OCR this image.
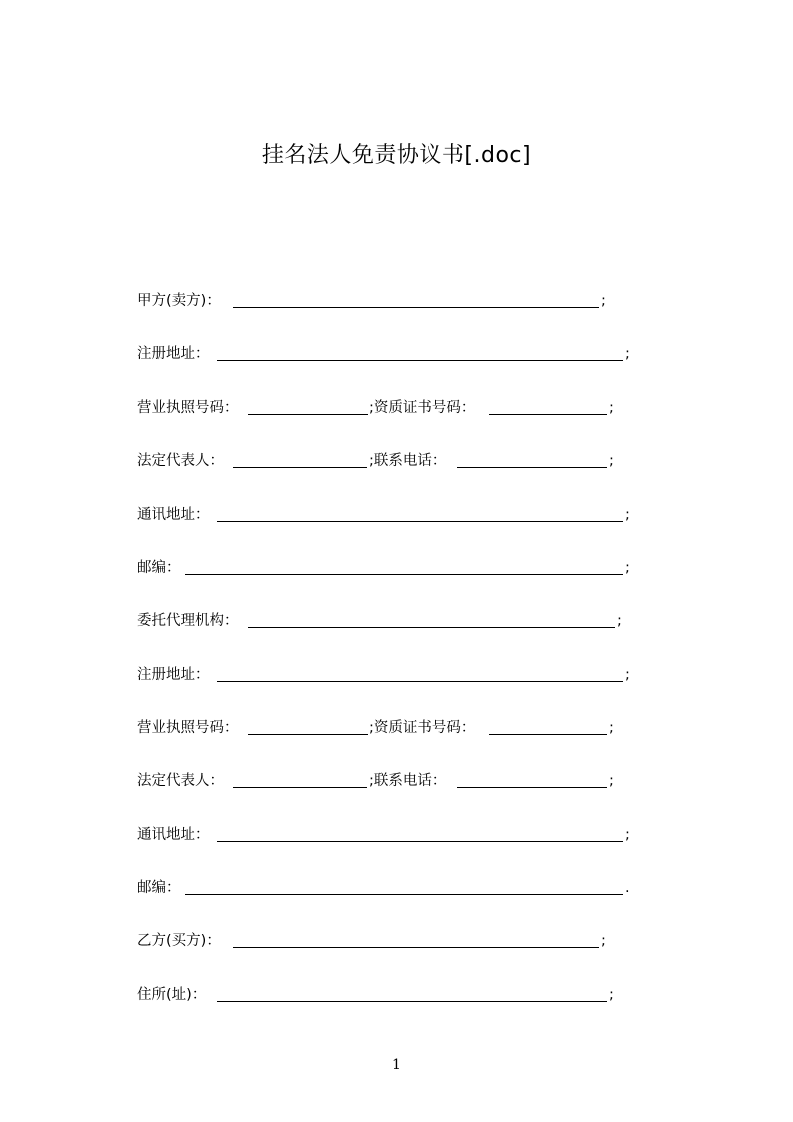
挂名法人免责协议书[.doc]
甲方(卖方)：	;
注册地址：	;
营业执照号码：	;资质证书号码：	;
法定代表人：	;联系电话：	;
通讯地址：	;
邮编：	;
委托代理机构：	;
注册地址：	;
营业执照号码：	;资质证书号码：	;
法定代表人：	;联系电话：	;
通讯地址：	;
邮编：	.
乙方(买方)：	;
住所(址)：	;
1
